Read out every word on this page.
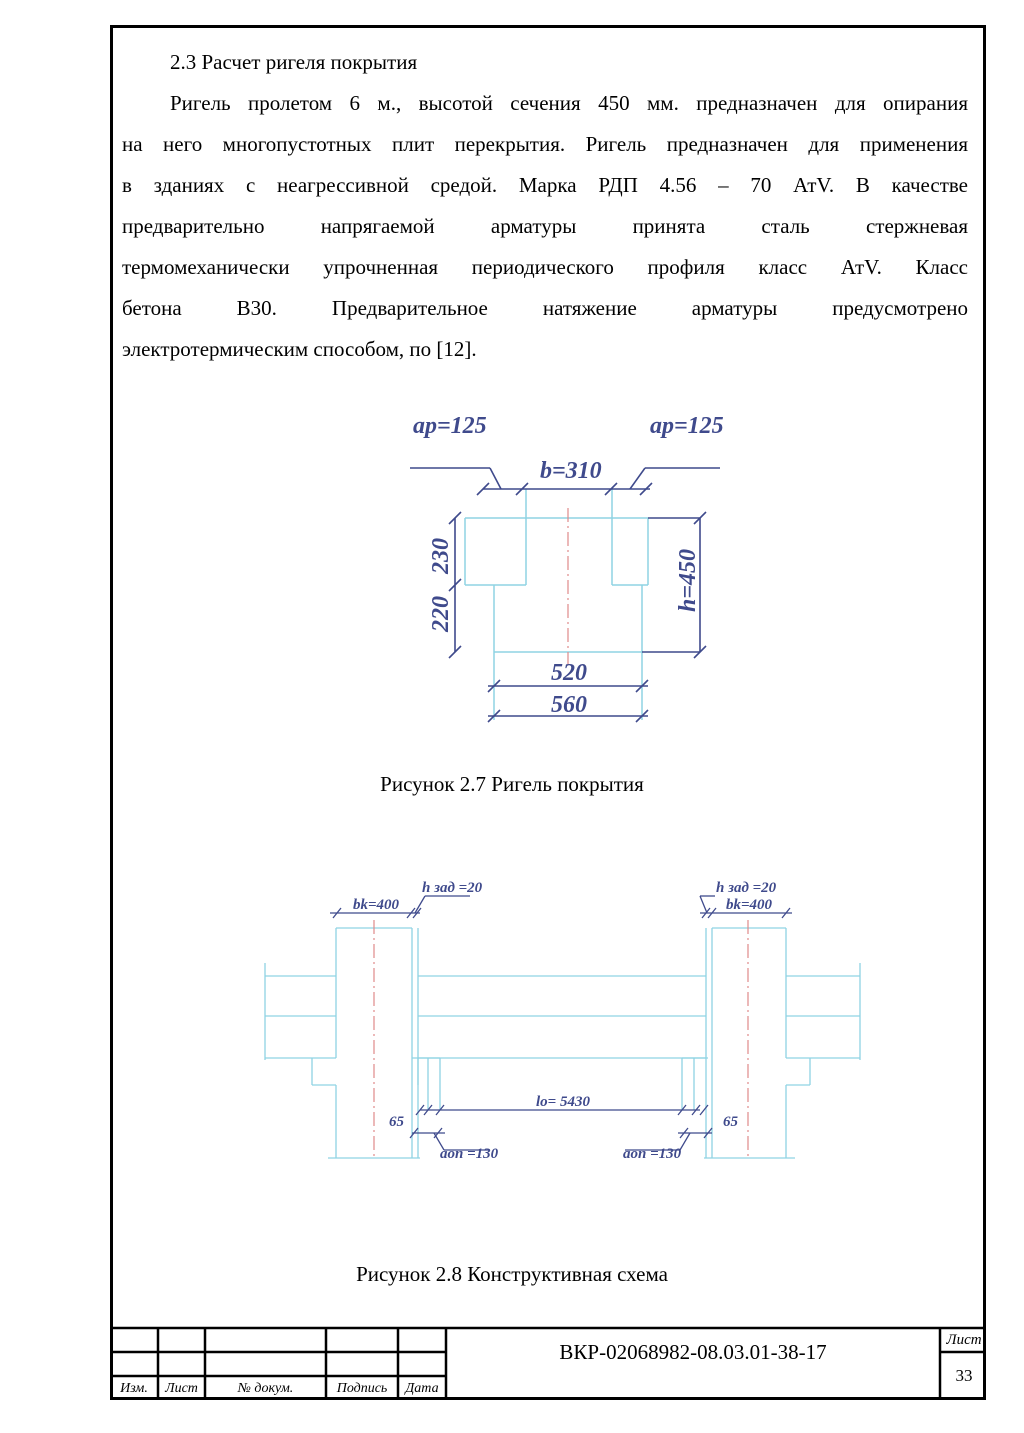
2.3 Расчет ригеля покрытия
Ригель пролетом 6 м., высотой сечения 450 мм. предназначен для опирания
на него многопустотных плит перекрытия. Ригель предназначен для применения
в зданиях с неагрессивной средой. Марка РДП 4.56 – 70 АтV. В качестве
предварительно напрягаемой арматуры принята сталь стержневая
термомеханически упрочненная периодического профиля класс АтV. Класс
бетона В30. Предварительное натяжение арматуры предусмотрено
электротермическим способом, по [12].
ар=125	ар=125
b=310
230
220
h=450
520
560
Рисунок 2.7 Ригель покрытия
bk=400
h зад =20	h зад =20
bk=400
lo= 5430
65	65
аоп =130	аоп =130
Рисунок 2.8 Конструктивная схема
Изм.	Лист	№ докум.	Подпись	Дата
ВКР-02068982-08.03.01-38-17	Лист
33
